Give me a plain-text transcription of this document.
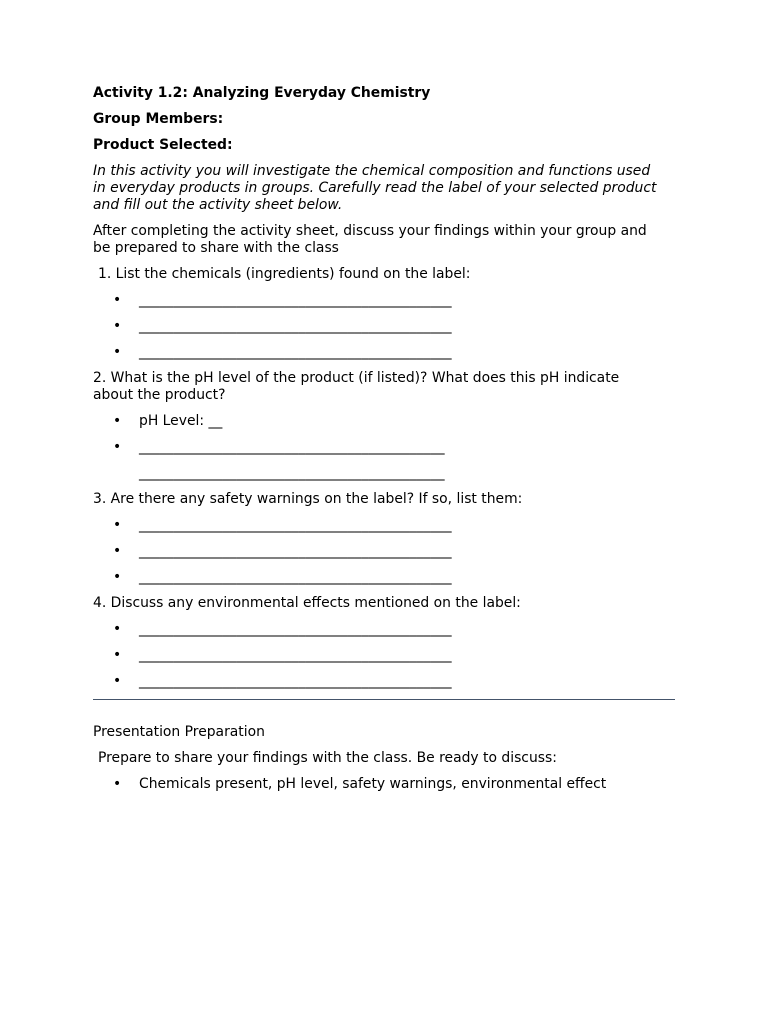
Activity 1.2: Analyzing Everyday Chemistry

Group Members:

Product Selected:

In this activity you will investigate the chemical composition and functions used

in everyday products in groups. Carefully read the label of your selected product

and fill out the activity sheet below.

After completing the activity sheet, discuss your findings within your group and

be prepared to share with the class

1. List the chemicals (ingredients) found on the label:

• _____________________________________________
• _____________________________________________
• _____________________________________________

2. What is the pH level of the product (if listed)? What does this pH indicate

about the product?

• pH Level: __
• ____________________________________________
____________________________________________

3. Are there any safety warnings on the label? If so, list them:

• _____________________________________________
• _____________________________________________
• _____________________________________________

4. Discuss any environmental effects mentioned on the label:

• _____________________________________________
• _____________________________________________
• _____________________________________________

Presentation Preparation

Prepare to share your findings with the class. Be ready to discuss:

• Chemicals present, pH level, safety warnings, environmental effect
